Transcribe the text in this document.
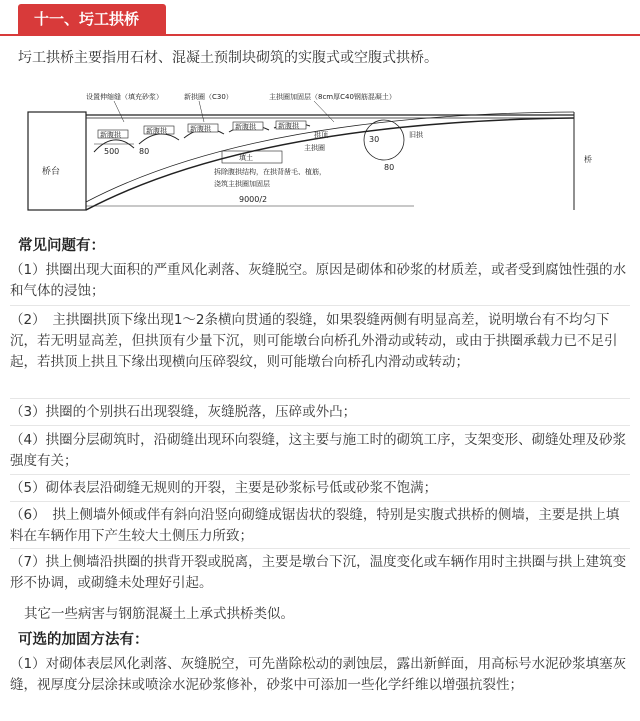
十一、圬工拱桥
圬工拱桥主要指用石材、混凝土预制块砌筑的实腹式或空腹式拱桥。
桥台
新腹拱	新腹拱	新腹拱	新腹拱	新腹拱
500 80
设置伸缩缝（填充砂浆）	新拱圈（C30）	主拱圈加固层（8cm厚C40钢筋混凝土）
拱顶
主拱圈
填土
拆除腹拱结构，在拱背凿毛、植筋，
浇筑主拱圈加固层
30
80
旧拱
桥
9000/2
常见问题有：
（1）拱圈出现大面积的严重风化剥落、灰缝脱空。原因是砌体和砂浆的材质差，或者受到腐蚀性强的水和气体的浸蚀；
（2）　主拱圈拱顶下缘出现1～2条横向贯通的裂缝，如果裂缝两侧有明显高差，说明墩台有不均匀下沉，若无明显高差，但拱顶有少量下沉，则可能墩台向桥孔外滑动或转动，或由于拱圈承载力已不足引起，若拱顶上拱且下缘出现横向压碎裂纹，则可能墩台向桥孔内滑动或转动；
（3）拱圈的个别拱石出现裂缝，灰缝脱落，压碎或外凸；
（4）拱圈分层砌筑时，沿砌缝出现环向裂缝，这主要与施工时的砌筑工序，支架变形、砌缝处理及砂浆强度有关；
（5）砌体表层沿砌缝无规则的开裂，主要是砂浆标号低或砂浆不饱满；
（6）　拱上侧墙外倾或伴有斜向沿竖向砌缝成锯齿状的裂缝，特别是实腹式拱桥的侧墙，主要是拱上填料在车辆作用下产生较大土侧压力所致；
（7）拱上侧墙沿拱圈的拱背开裂或脱离，主要是墩台下沉，温度变化或车辆作用时主拱圈与拱上建筑变形不协调，或砌缝未处理好引起。
其它一些病害与钢筋混凝土上承式拱桥类似。
可选的加固方法有：
（1）对砌体表层风化剥落、灰缝脱空，可先凿除松动的剥蚀层，露出新鲜面，用高标号水泥砂浆填塞灰缝，视厚度分层涂抹或喷涂水泥砂浆修补，砂浆中可添加一些化学纤维以增强抗裂性；
